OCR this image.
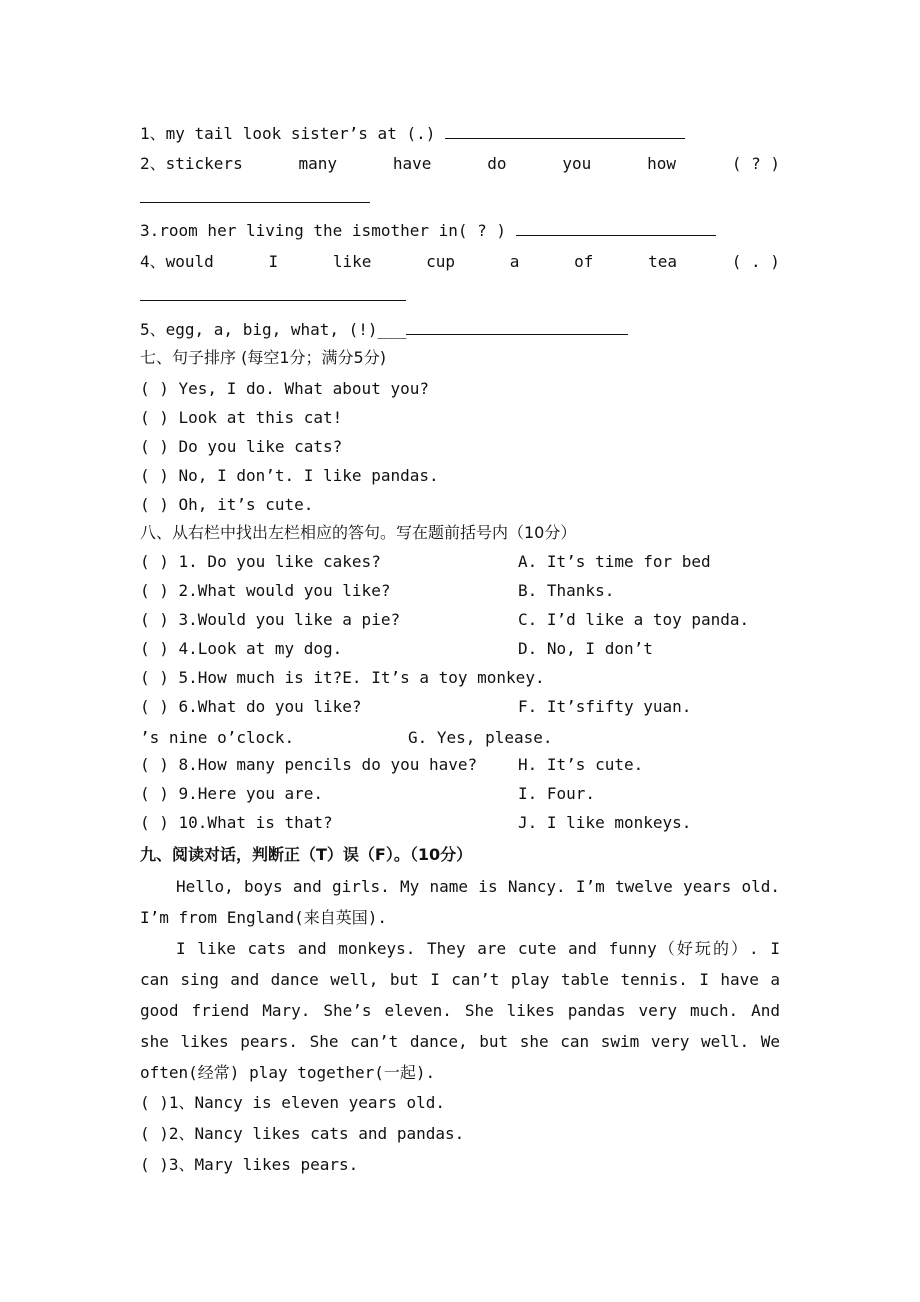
1、my tail look sister’s at (.)
2、stickers	many	have	do	you	how	( ? )
3.room her living the ismother in( ? )
4、would	I	like	cup	a	of	tea	( . )
5、egg, a, big, what, (!)___
七、句子排序 (每空1分；满分5分)
( ) Yes, I do. What about you?
( ) Look at this cat!
( ) Do you like cats?
( ) No, I don’t. I like pandas.
( ) Oh, it’s cute.
八、从右栏中找出左栏相应的答句。写在题前括号内（10分）
( ) 1. Do you like cakes?	A. It’s time for bed
( ) 2.What would you like?	B. Thanks.
( ) 3.Would you like a pie?	C. I’d like a toy panda.
( ) 4.Look at my dog.	D. No, I don’t
( ) 5.How much is it?E. It’s a toy monkey.
( ) 6.What do you like?	F. It’sfifty yuan.
’s nine o’clock.	G. Yes, please.
( ) 8.How many pencils do you have?	H. It’s cute.
( ) 9.Here you are.	I. Four.
( ) 10.What is that?	J. I like monkeys.
九、阅读对话，判断正（T）误（F）。（10分）
Hello, boys and girls. My name is Nancy. I’m twelve years old. I’m from England(来自英国).
I like cats and monkeys. They are cute and funny（好玩的）. I can sing and dance well, but I can’t play table tennis. I have a good friend Mary. She’s eleven. She likes pandas very much. And she likes pears. She can’t dance, but she can swim very well. We often(经常) play together(一起).
( )1、Nancy is eleven years old.
( )2、Nancy likes cats and pandas.
( )3、Mary likes pears.
